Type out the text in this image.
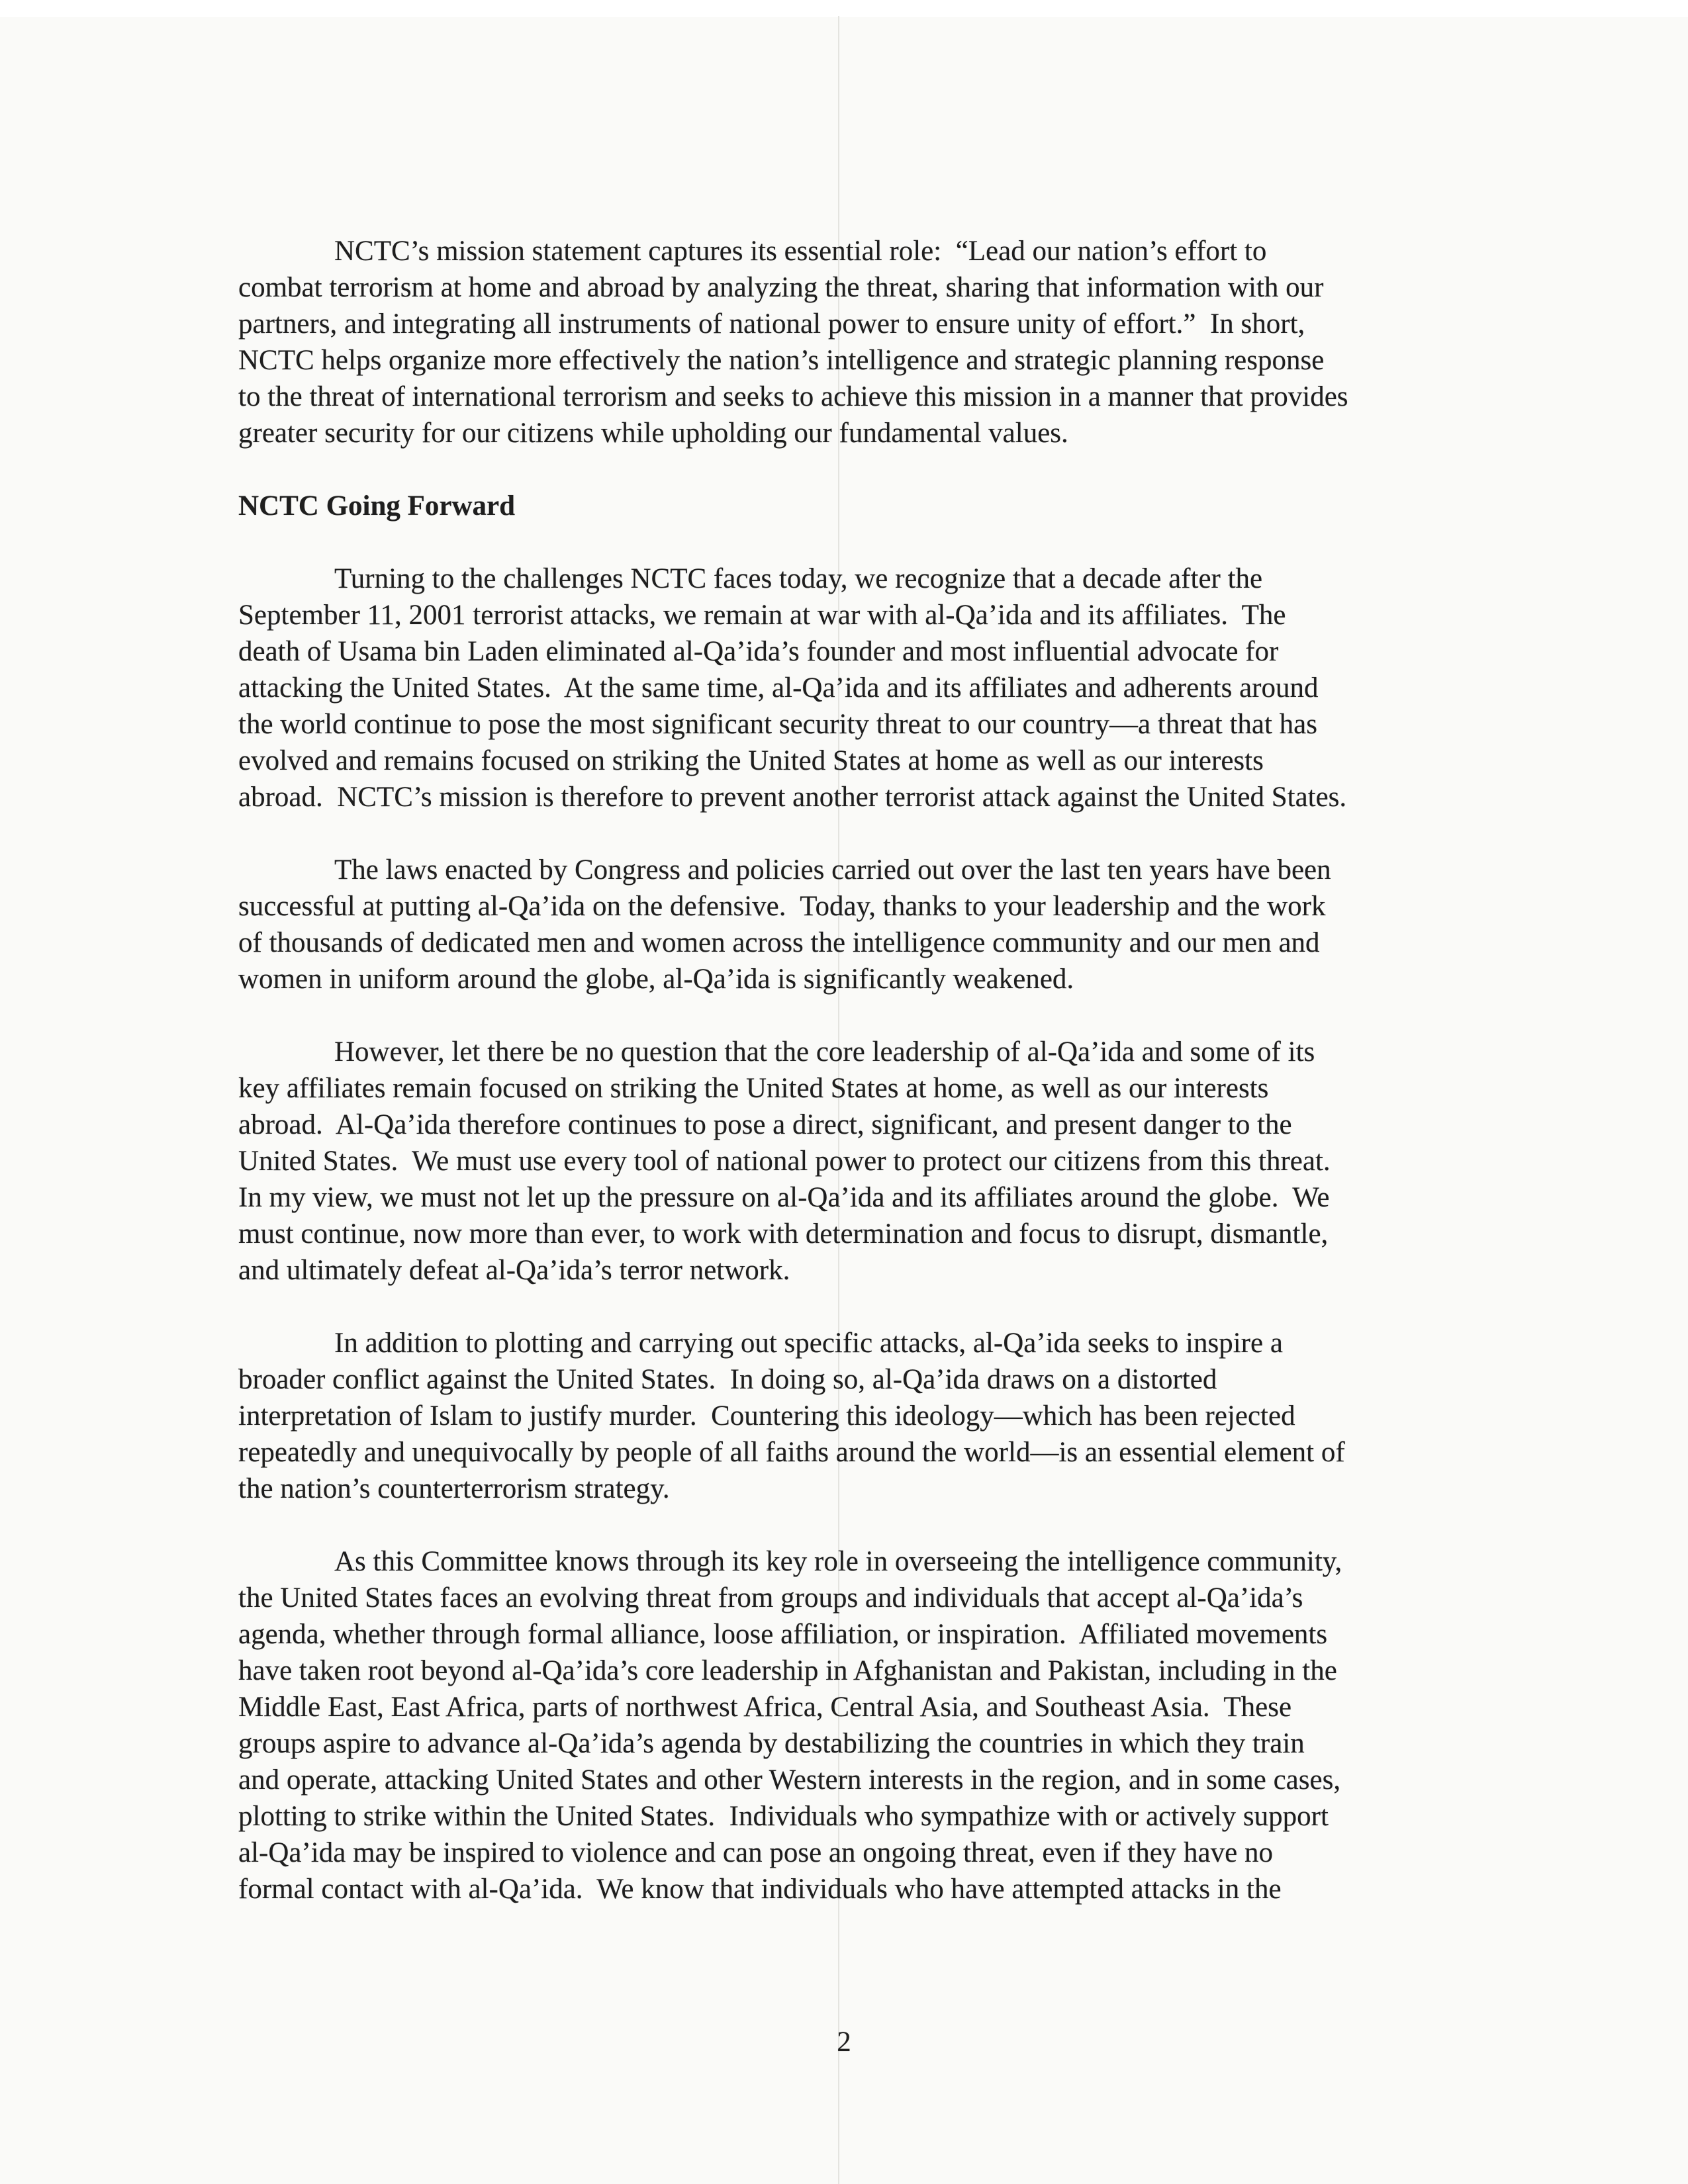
NCTC’s mission statement captures its essential role:  “Lead our nation’s effort to
combat terrorism at home and abroad by analyzing the threat, sharing that information with our
partners, and integrating all instruments of national power to ensure unity of effort.”  In short,
NCTC helps organize more effectively the nation’s intelligence and strategic planning response
to the threat of international terrorism and seeks to achieve this mission in a manner that provides
greater security for our citizens while upholding our fundamental values.
NCTC Going Forward
Turning to the challenges NCTC faces today, we recognize that a decade after the
September 11, 2001 terrorist attacks, we remain at war with al-Qa’ida and its affiliates.  The
death of Usama bin Laden eliminated al-Qa’ida’s founder and most influential advocate for
attacking the United States.  At the same time, al-Qa’ida and its affiliates and adherents around
the world continue to pose the most significant security threat to our country—a threat that has
evolved and remains focused on striking the United States at home as well as our interests
abroad.  NCTC’s mission is therefore to prevent another terrorist attack against the United States.
The laws enacted by Congress and policies carried out over the last ten years have been
successful at putting al-Qa’ida on the defensive.  Today, thanks to your leadership and the work
of thousands of dedicated men and women across the intelligence community and our men and
women in uniform around the globe, al-Qa’ida is significantly weakened.
However, let there be no question that the core leadership of al-Qa’ida and some of its
key affiliates remain focused on striking the United States at home, as well as our interests
abroad.  Al-Qa’ida therefore continues to pose a direct, significant, and present danger to the
United States.  We must use every tool of national power to protect our citizens from this threat.
In my view, we must not let up the pressure on al-Qa’ida and its affiliates around the globe.  We
must continue, now more than ever, to work with determination and focus to disrupt, dismantle,
and ultimately defeat al-Qa’ida’s terror network.
In addition to plotting and carrying out specific attacks, al-Qa’ida seeks to inspire a
broader conflict against the United States.  In doing so, al-Qa’ida draws on a distorted
interpretation of Islam to justify murder.  Countering this ideology—which has been rejected
repeatedly and unequivocally by people of all faiths around the world—is an essential element of
the nation’s counterterrorism strategy.
As this Committee knows through its key role in overseeing the intelligence community,
the United States faces an evolving threat from groups and individuals that accept al-Qa’ida’s
agenda, whether through formal alliance, loose affiliation, or inspiration.  Affiliated movements
have taken root beyond al-Qa’ida’s core leadership in Afghanistan and Pakistan, including in the
Middle East, East Africa, parts of northwest Africa, Central Asia, and Southeast Asia.  These
groups aspire to advance al-Qa’ida’s agenda by destabilizing the countries in which they train
and operate, attacking United States and other Western interests in the region, and in some cases,
plotting to strike within the United States.  Individuals who sympathize with or actively support
al-Qa’ida may be inspired to violence and can pose an ongoing threat, even if they have no
formal contact with al-Qa’ida.  We know that individuals who have attempted attacks in the
2
